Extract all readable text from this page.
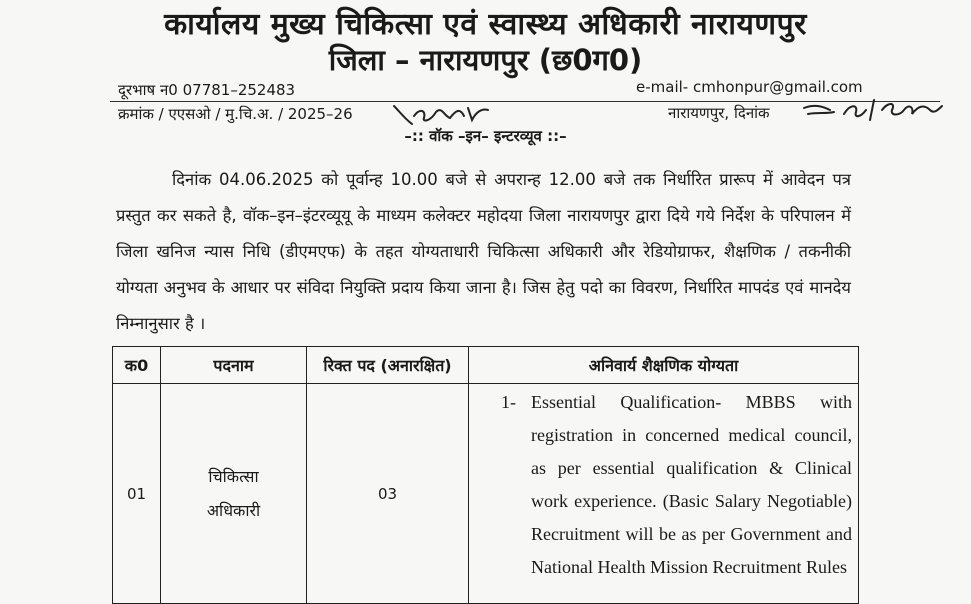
कार्यालय मुख्य चिकित्सा एवं स्वास्थ्य अधिकारी नारायणपुर
जिला – नारायणपुर (छ0ग0)
दूरभाष न0 07781–252483	e-mail- cmhonpur@gmail.com
क्रमांक / एएसओ / मु.चि.अ. / 2025–26	नारायणपुर, दिनांक
–:: वॉक –इन– इन्टरव्यूव ::–

दिनांक 04.06.2025 को पूर्वान्ह 10.00 बजे से अपरान्ह 12.00 बजे तक निर्धारित प्रारूप में आवेदन पत्र प्रस्तुत कर सकते है, वॉक–इन–इंटरव्यूयू के माध्यम कलेक्टर महोदया जिला नारायणपुर द्वारा दिये गये निर्देश के परिपालन में जिला खनिज न्यास निधि (डीएमएफ) के तहत योग्यताधारी चिकित्सा अधिकारी और रेडियोग्राफर, शैक्षणिक / तकनीकी योग्यता अनुभव के आधार पर संविदा नियुक्ति प्रदाय किया जाना है। जिस हेतु पदो का विवरण, निर्धारित मापदंड एवं मानदेय निम्नानुसार है ।

क0	पदनाम	रिक्त पद (अनारक्षित)	अनिवार्य शैक्षणिक योग्यता
01	चिकित्सा अधिकारी	03	1- Essential Qualification- MBBS with registration in concerned medical council, as per essential qualification & Clinical work experience. (Basic Salary Negotiable) Recruitment will be as per Government and National Health Mission Recruitment Rules
